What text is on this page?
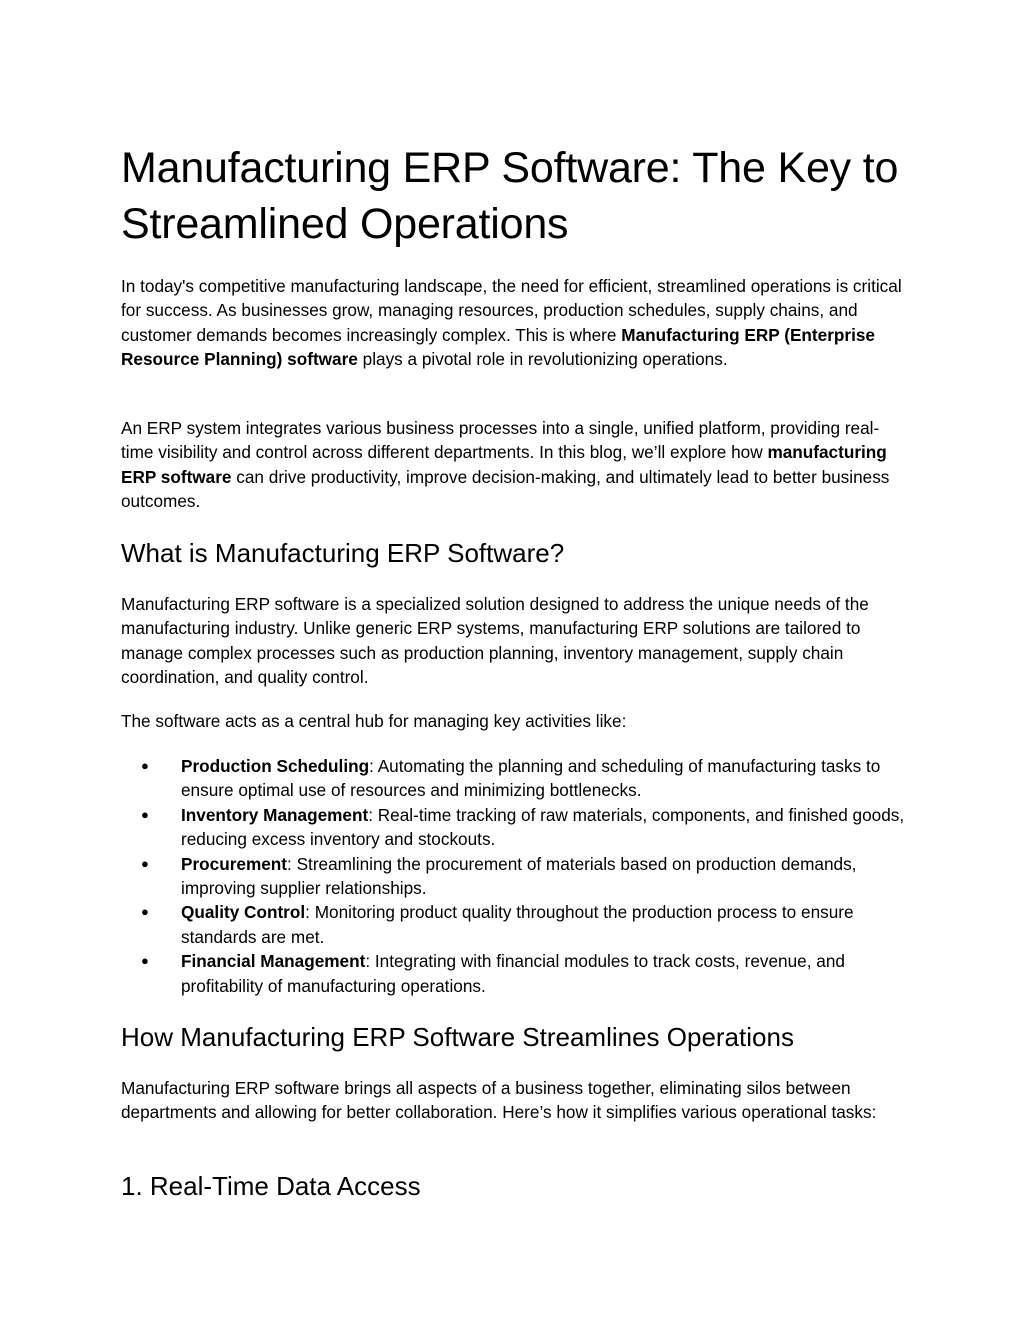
Manufacturing ERP Software: The Key to Streamlined Operations

In today's competitive manufacturing landscape, the need for efficient, streamlined operations is critical for success. As businesses grow, managing resources, production schedules, supply chains, and customer demands becomes increasingly complex. This is where Manufacturing ERP (Enterprise Resource Planning) software plays a pivotal role in revolutionizing operations.

An ERP system integrates various business processes into a single, unified platform, providing real-time visibility and control across different departments. In this blog, we’ll explore how manufacturing ERP software can drive productivity, improve decision-making, and ultimately lead to better business outcomes.

What is Manufacturing ERP Software?

Manufacturing ERP software is a specialized solution designed to address the unique needs of the manufacturing industry. Unlike generic ERP systems, manufacturing ERP solutions are tailored to manage complex processes such as production planning, inventory management, supply chain coordination, and quality control.

The software acts as a central hub for managing key activities like:

● Production Scheduling: Automating the planning and scheduling of manufacturing tasks to ensure optimal use of resources and minimizing bottlenecks.
● Inventory Management: Real-time tracking of raw materials, components, and finished goods, reducing excess inventory and stockouts.
● Procurement: Streamlining the procurement of materials based on production demands, improving supplier relationships.
● Quality Control: Monitoring product quality throughout the production process to ensure standards are met.
● Financial Management: Integrating with financial modules to track costs, revenue, and profitability of manufacturing operations.
How Manufacturing ERP Software Streamlines Operations

Manufacturing ERP software brings all aspects of a business together, eliminating silos between departments and allowing for better collaboration. Here’s how it simplifies various operational tasks:

1. Real-Time Data Access
